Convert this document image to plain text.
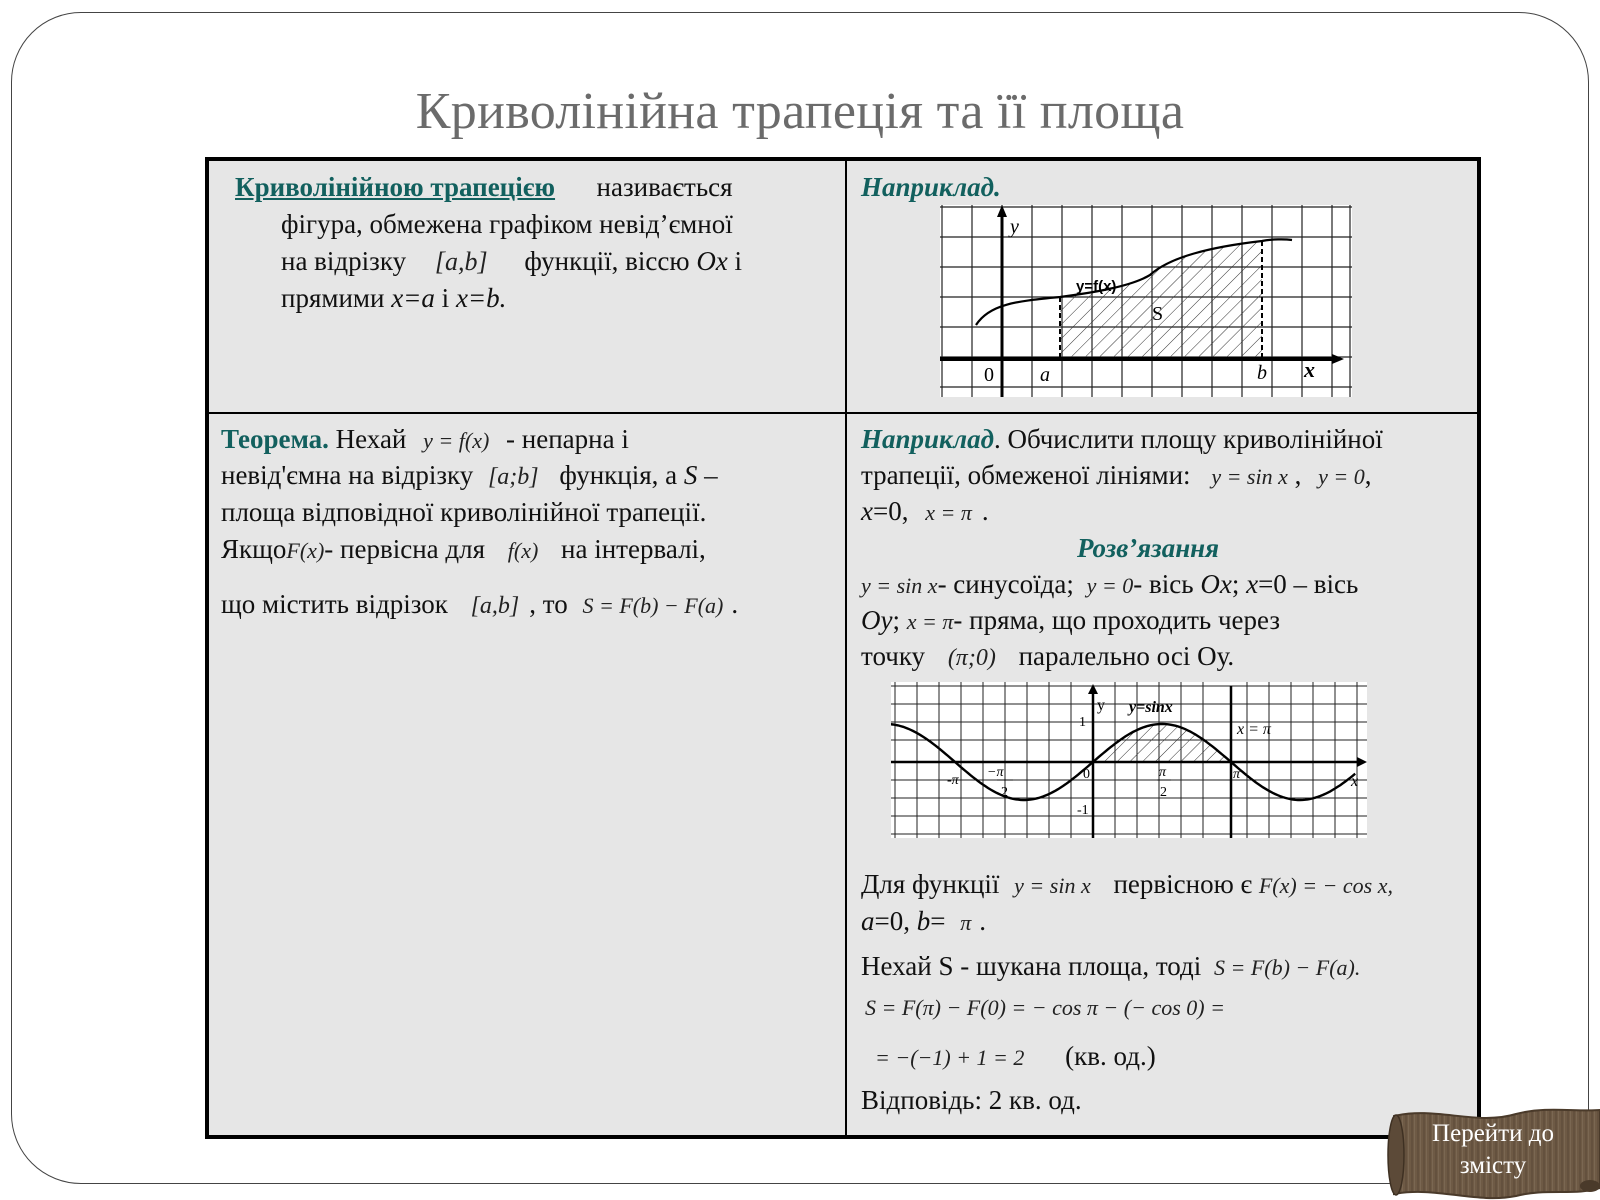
Криволінійна трапеція та її площа
Криволінійною трапецією називається
фігура, обмежена графіком невід’ємної
на відрізку [a,b] функції, віссю Ox і
прямими x=a і x=b.
Наприклад.
y
x
0 a	b
y=f(x)
S
Теорема. Нехай y = f(x) - непарна і
невід'ємна на відрізку [a;b] функція, а S –
площа відповідної криволінійної трапеції.
ЯкщоF(x)- первісна для f(x) на інтервалі,
що містить відрізок [a,b] , то S = F(b) − F(a) .
Наприклад. Обчислити площу криволінійної
трапеції, обмеженої лініями: y = sin x , y = 0,
x=0, x = π .
Розв’язання
y = sin x- синусоїда; y = 0- вісь Ox; x=0 – вісь
Oy; x = π- пряма, що проходить через
точку (π;0) паралельно осі Оу.
y
x
y=sinx
x = π
1
-1
0
-π
−π
2
π
2
π
Для функції y = sin x первісною є F(x) = − cos x,
a=0, b= π .
Нехай S - шукана площа, тоді S = F(b) − F(a).
S = F(π) − F(0) = − cos π − (− cos 0) =
= −(−1) + 1 = 2 (кв. од.)
Відповідь: 2 кв. од.
Перейти до
змісту
